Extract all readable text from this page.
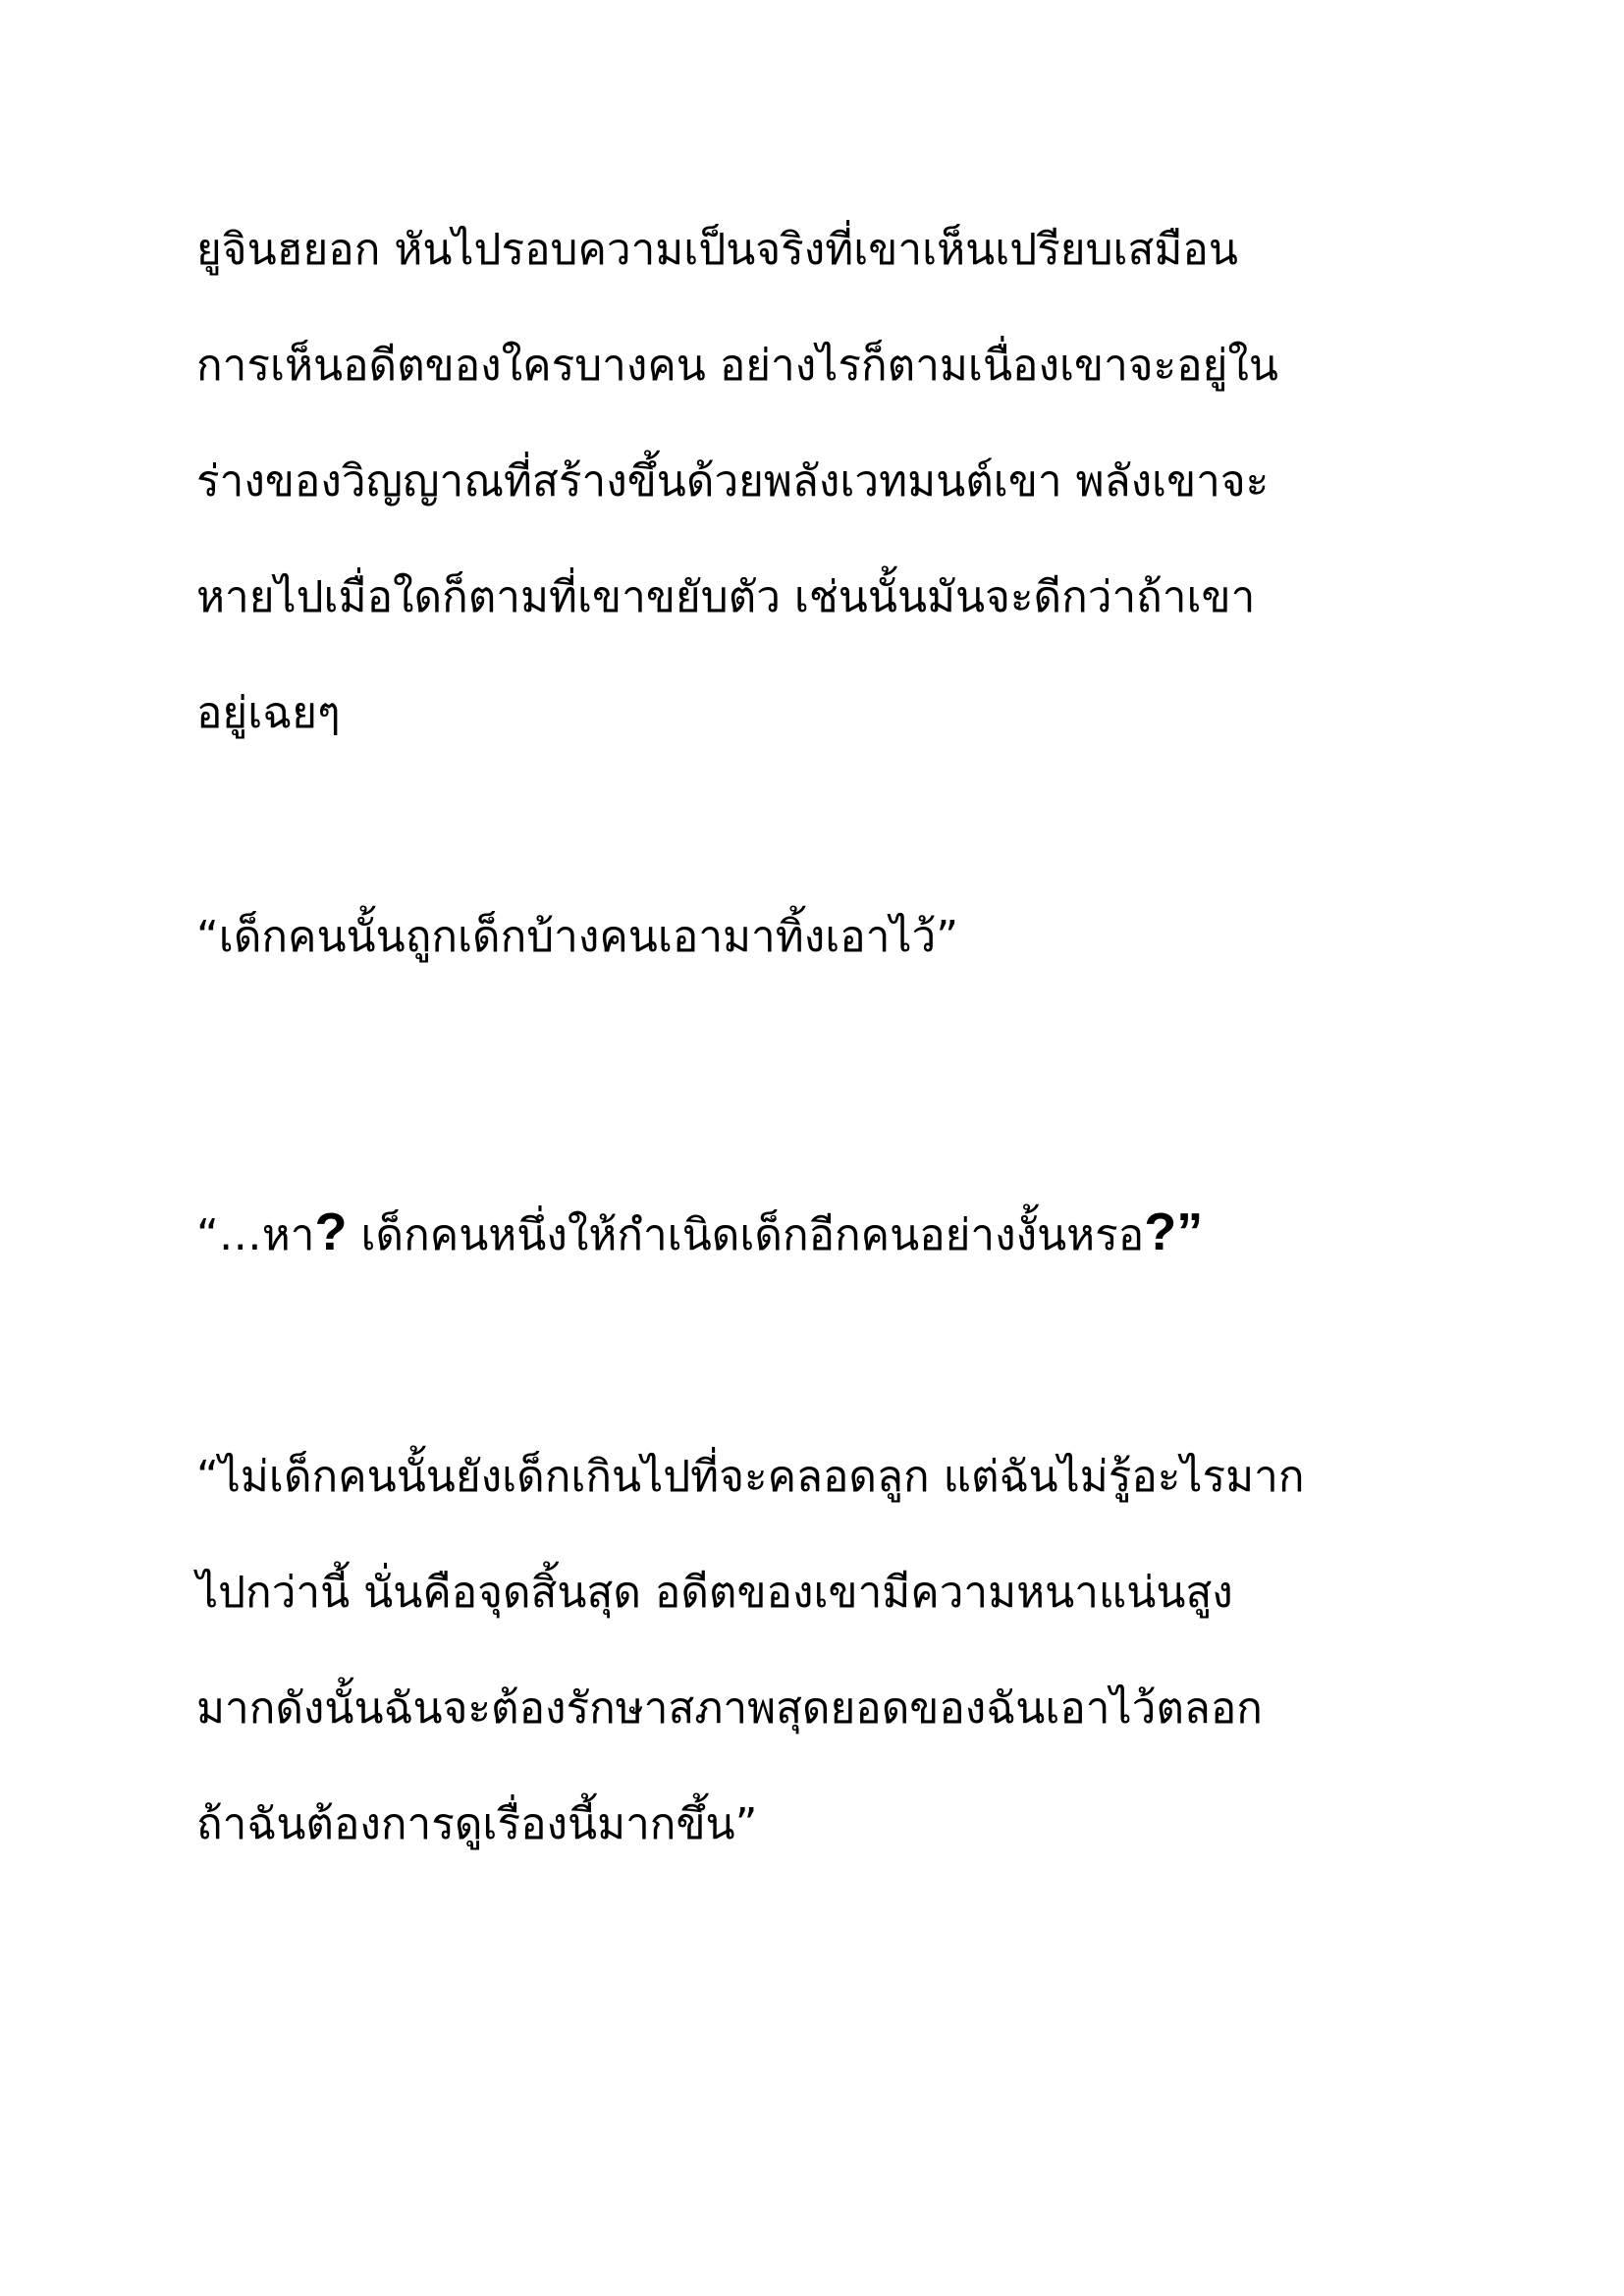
ยูจินฮยอก หันไปรอบความเป็นจริงที่เขาเห็นเปรียบเสมือน
การเห็นอดีตของใครบางคน อย่างไรก็ตามเนื่องเขาจะอยู่ใน
ร่างของวิญญาณที่สร้างขึ้นด้วยพลังเวทมนต์เขา พลังเขาจะ
หายไปเมื่อใดก็ตามที่เขาขยับตัว เช่นนั้นมันจะดีกว่าถ้าเขา
อยู่เฉยๆ
“เด็กคนนั้นถูกเด็กบ้างคนเอามาทิ้งเอาไว้”
“…หา? เด็กคนหนึ่งให้กำเนิดเด็กอีกคนอย่างงั้นหรอ?”
“ไม่เด็กคนนั้นยังเด็กเกินไปที่จะคลอดลูก แต่ฉันไม่รู้อะไรมาก
ไปกว่านี้ นั่นคือจุดสิ้นสุด อดีตของเขามีความหนาแน่นสูง
มากดังนั้นฉันจะต้องรักษาสภาพสุดยอดของฉันเอาไว้ตลอก
ถ้าฉันต้องการดูเรื่องนี้มากขึ้น”
